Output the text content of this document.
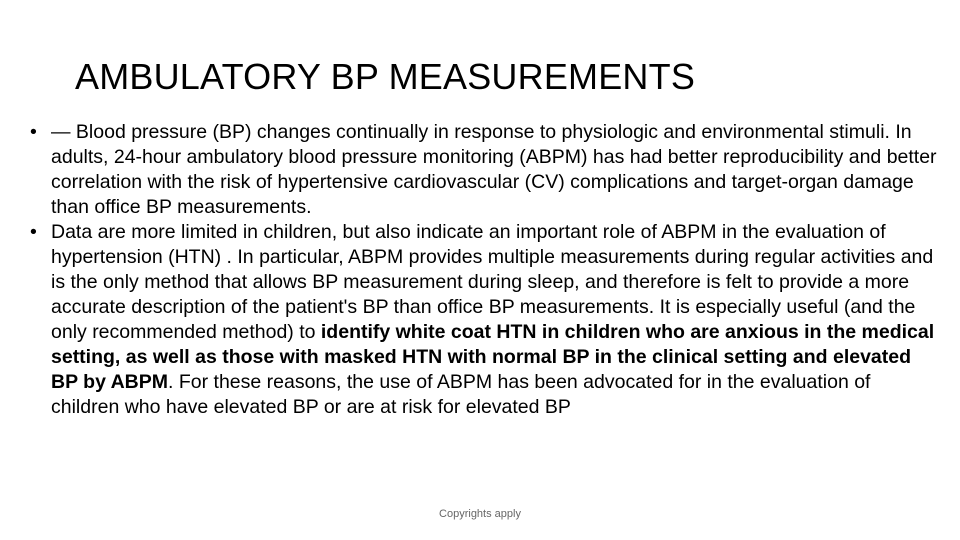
AMBULATORY BP MEASUREMENTS
• — Blood pressure (BP) changes continually in response to physiologic and environmental stimuli. In adults, 24-hour ambulatory blood pressure monitoring (ABPM) has had better reproducibility and better correlation with the risk of hypertensive cardiovascular (CV) complications and target-organ damage than office BP measurements.
• Data are more limited in children, but also indicate an important role of ABPM in the evaluation of hypertension (HTN) . In particular, ABPM provides multiple measurements during regular activities and is the only method that allows BP measurement during sleep, and therefore is felt to provide a more accurate description of the patient's BP than office BP measurements. It is especially useful (and the only recommended method) to identify white coat HTN in children who are anxious in the medical setting, as well as those with masked HTN with normal BP in the clinical setting and elevated BP by ABPM. For these reasons, the use of ABPM has been advocated for in the evaluation of children who have elevated BP or are at risk for elevated BP
Copyrights apply
